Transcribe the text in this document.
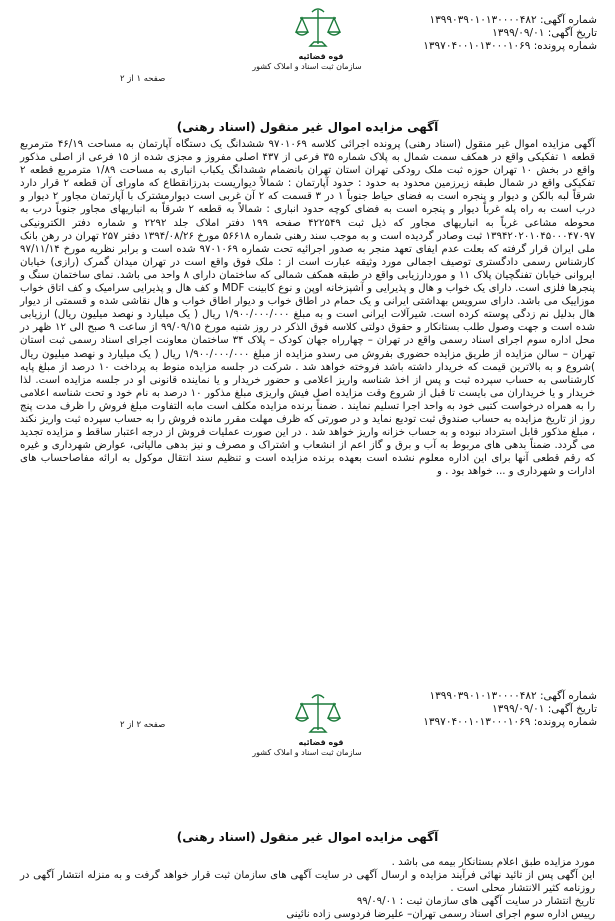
شماره آگهی: ۱۳۹۹۰۳۹۰۱۰۱۳۰۰۰۰۴۸۲
تاریخ آگهی: ۱۳۹۹/۰۹/۰۱
شماره پرونده: ۱۳۹۷۰۴۰۰۱۰۱۳۰۰۰۱۰۶۹
قوه قضائیه
سازمان ثبت اسناد و املاک کشور
صفحه ۱ از ۲
آگهی مزایده اموال غیر منقول (اسناد رهنی)

آگهی مزایده اموال غیر منقول (اسناد رهنی) پرونده اجرائی کلاسه ۹۷۰۱۰۶۹ ششدانگ یک دستگاه آپارتمان به مساحت ۴۶/۱۹ مترمربع قطعه ۱ تفکیکی واقع در همکف سمت شمال به پلاک شماره ۳۵ فرعی از ۴۳۷ اصلی مفروز و مجزی شده از ۱۵ فرعی از اصلی مذکور واقع در بخش ۱۰ تهران حوزه ثبت ملک رودکی تهران استان تهران بانضمام ششدانگ یکباب انباری به مساحت ۱/۸۹ مترمربع قطعه ۲ تفکیکی واقع در شمال طبقه زیرزمین محدود به حدود : حدود آپارتمان : شمالاً دیواریست بدرزانقطاع که ماورای آن قطعه ۲ قرار دارد شرقاً لبه بالکن و دیوار و پنجره است به فضای حیاط جنوباً ۱ در ۳ قسمت که ۲ آن غربی است دیوارمشترک با آپارتمان مجاور ۲ دیوار و درب است به راه پله غرباً دیوار و پنجره است به فضای کوچه حدود انباری : شمالاً به قطعه ۲ شرقاً به انباریهای مجاور جنوباً درب به محوطه مشاعی غرباً به انباریهای مجاور که ذیل ثبت ۴۲۲۵۴۹ صفحه ۱۹۹ دفتر املاک جلد ۲۲۹۲ و شماره دفتر الکترونیکی ۱۳۹۴۲۰۲۰۱۰۴۵۰۰۰۴۷۰۹۷ ثبت وصادر گردیده است و به موجب سند رهنی شماره ۵۶۶۱۸ مورخ ۱۳۹۴/۰۸/۲۶ دفتر ۲۵۷ تهران در رهن بانک ملی ایران قرار گرفته که بعلت عدم ایفای تعهد منجر به صدور اجرائیه تحت شماره ۹۷۰۱۰۶۹ شده است و برابر نظریه مورخ ۹۷/۱۱/۱۴ کارشناس رسمی دادگستری توصیف اجمالی مورد وثیقه عبارت است از : ملک فوق واقع است در تهران میدان گمرک (رازی) خیابان ایروانی خیابان تفنگچیان پلاک ۱۱ و موردارزیابی واقع در طبقه همکف شمالی که ساختمان دارای ۸ واحد می باشد. نمای ساختمان سنگ و پنجرها فلزی است. دارای یک خواب و هال و پذیرایی و آشپزخانه اوپن و نوع کابینت MDF و کف هال و پذیرایی سرامیک و کف اتاق خواب موزاییک می باشد. دارای سرویس بهداشتی ایرانی و یک حمام در اطاق خواب و دیوار اطاق خواب و هال نقاشی شده و قسمتی از دیوار هال بدلیل نم زدگی پوسته کرده است. شیرآلات ایرانی است و به مبلغ ۱/۹۰۰/۰۰۰/۰۰۰ ریال ( یک میلیارد و نهصد میلیون ریال) ارزیابی شده است و جهت وصول طلب بستانکار و حقوق دولتی کلاسه فوق الذکر در روز شنبه مورخ ۹۹/۰۹/۱۵ از ساعت ۹ صبح الی ۱۲ ظهر در محل اداره سوم اجرای اسناد رسمی واقع در تهران – چهارراه جهان کودک – پلاک ۳۴ ساختمان معاونت اجرای اسناد رسمی ثبت استان تهران – سالن مزایده از طریق مزایده حضوری بفروش می رسدو مزایده از مبلغ ۱/۹۰۰/۰۰۰/۰۰۰ ریال ( یک میلیارد و نهصد میلیون ریال )شروع و به بالاترین قیمت که خریدار داشته باشد فروخته خواهد شد . شرکت در جلسه مزایده منوط به پرداخت ۱۰ درصد از مبلغ پایه کارشناسی به حساب سپرده ثبت و پس از اخذ شناسه واریز اعلامی و حضور خریدار و یا نماینده قانونی او در جلسه مزایده است. لذا خریدار و یا خریداران می بایست تا قبل از شروع وقت مزایده اصل فیش واریزی مبلغ مذکور ۱۰ درصد به نام خود و تحت شناسه اعلامی را به همراه درخواست کتبی خود به واحد اجرا تسلیم نمایند . ضمناً برنده مزایده مکلف است مابه التفاوت مبلغ فروش را ظرف مدت پنج روز از تاریخ مزایده به حساب صندوق ثبت تودیع نماید و در صورتی که ظرف مهلت مقرر مانده فروش را به حساب سپرده ثبت واریز نکند ، مبلغ مذکور قابل استرداد نبوده و به حساب خزانه واریز خواهد شد . در این صورت عملیات فروش از درجه اعتبار ساقط و مزایده تجدید می گردد. ضمناً بدهی های مربوط به آب و برق و گاز اعم از انشعاب و اشتراک و مصرف و نیز بدهی مالیاتی، عوارض شهرداری و غیره که رقم قطعی آنها برای این اداره معلوم نشده است بعهده برنده مزایده است و تنظیم سند انتقال موکول به ارائه مفاصاحساب های ادارات و شهرداری و ... خواهد بود . و

شماره آگهی: ۱۳۹۹۰۳۹۰۱۰۱۳۰۰۰۰۴۸۲
تاریخ آگهی: ۱۳۹۹/۰۹/۰۱
شماره پرونده: ۱۳۹۷۰۴۰۰۱۰۱۳۰۰۰۱۰۶۹
قوه قضائیه
سازمان ثبت اسناد و املاک کشور
صفحه ۲ از ۲
آگهی مزایده اموال غیر منقول (اسناد رهنی)

مورد مزایده طبق اعلام بستانکار بیمه می باشد .

این آگهی پس از تائید نهائی فرآیند مزایده و ارسال آگهی در سایت آگهی های سازمان ثبت قرار خواهد گرفت و به منزله انتشار آگهی در روزنامه کثیر الانتشار محلی است .

تاریخ انتشار در سایت آگهی های سازمان ثبت : ۹۹/۰۹/۰۱

رییس اداره سوم اجرای اسناد رسمی تهران– علیرضا فردوسی زاده نائینی
